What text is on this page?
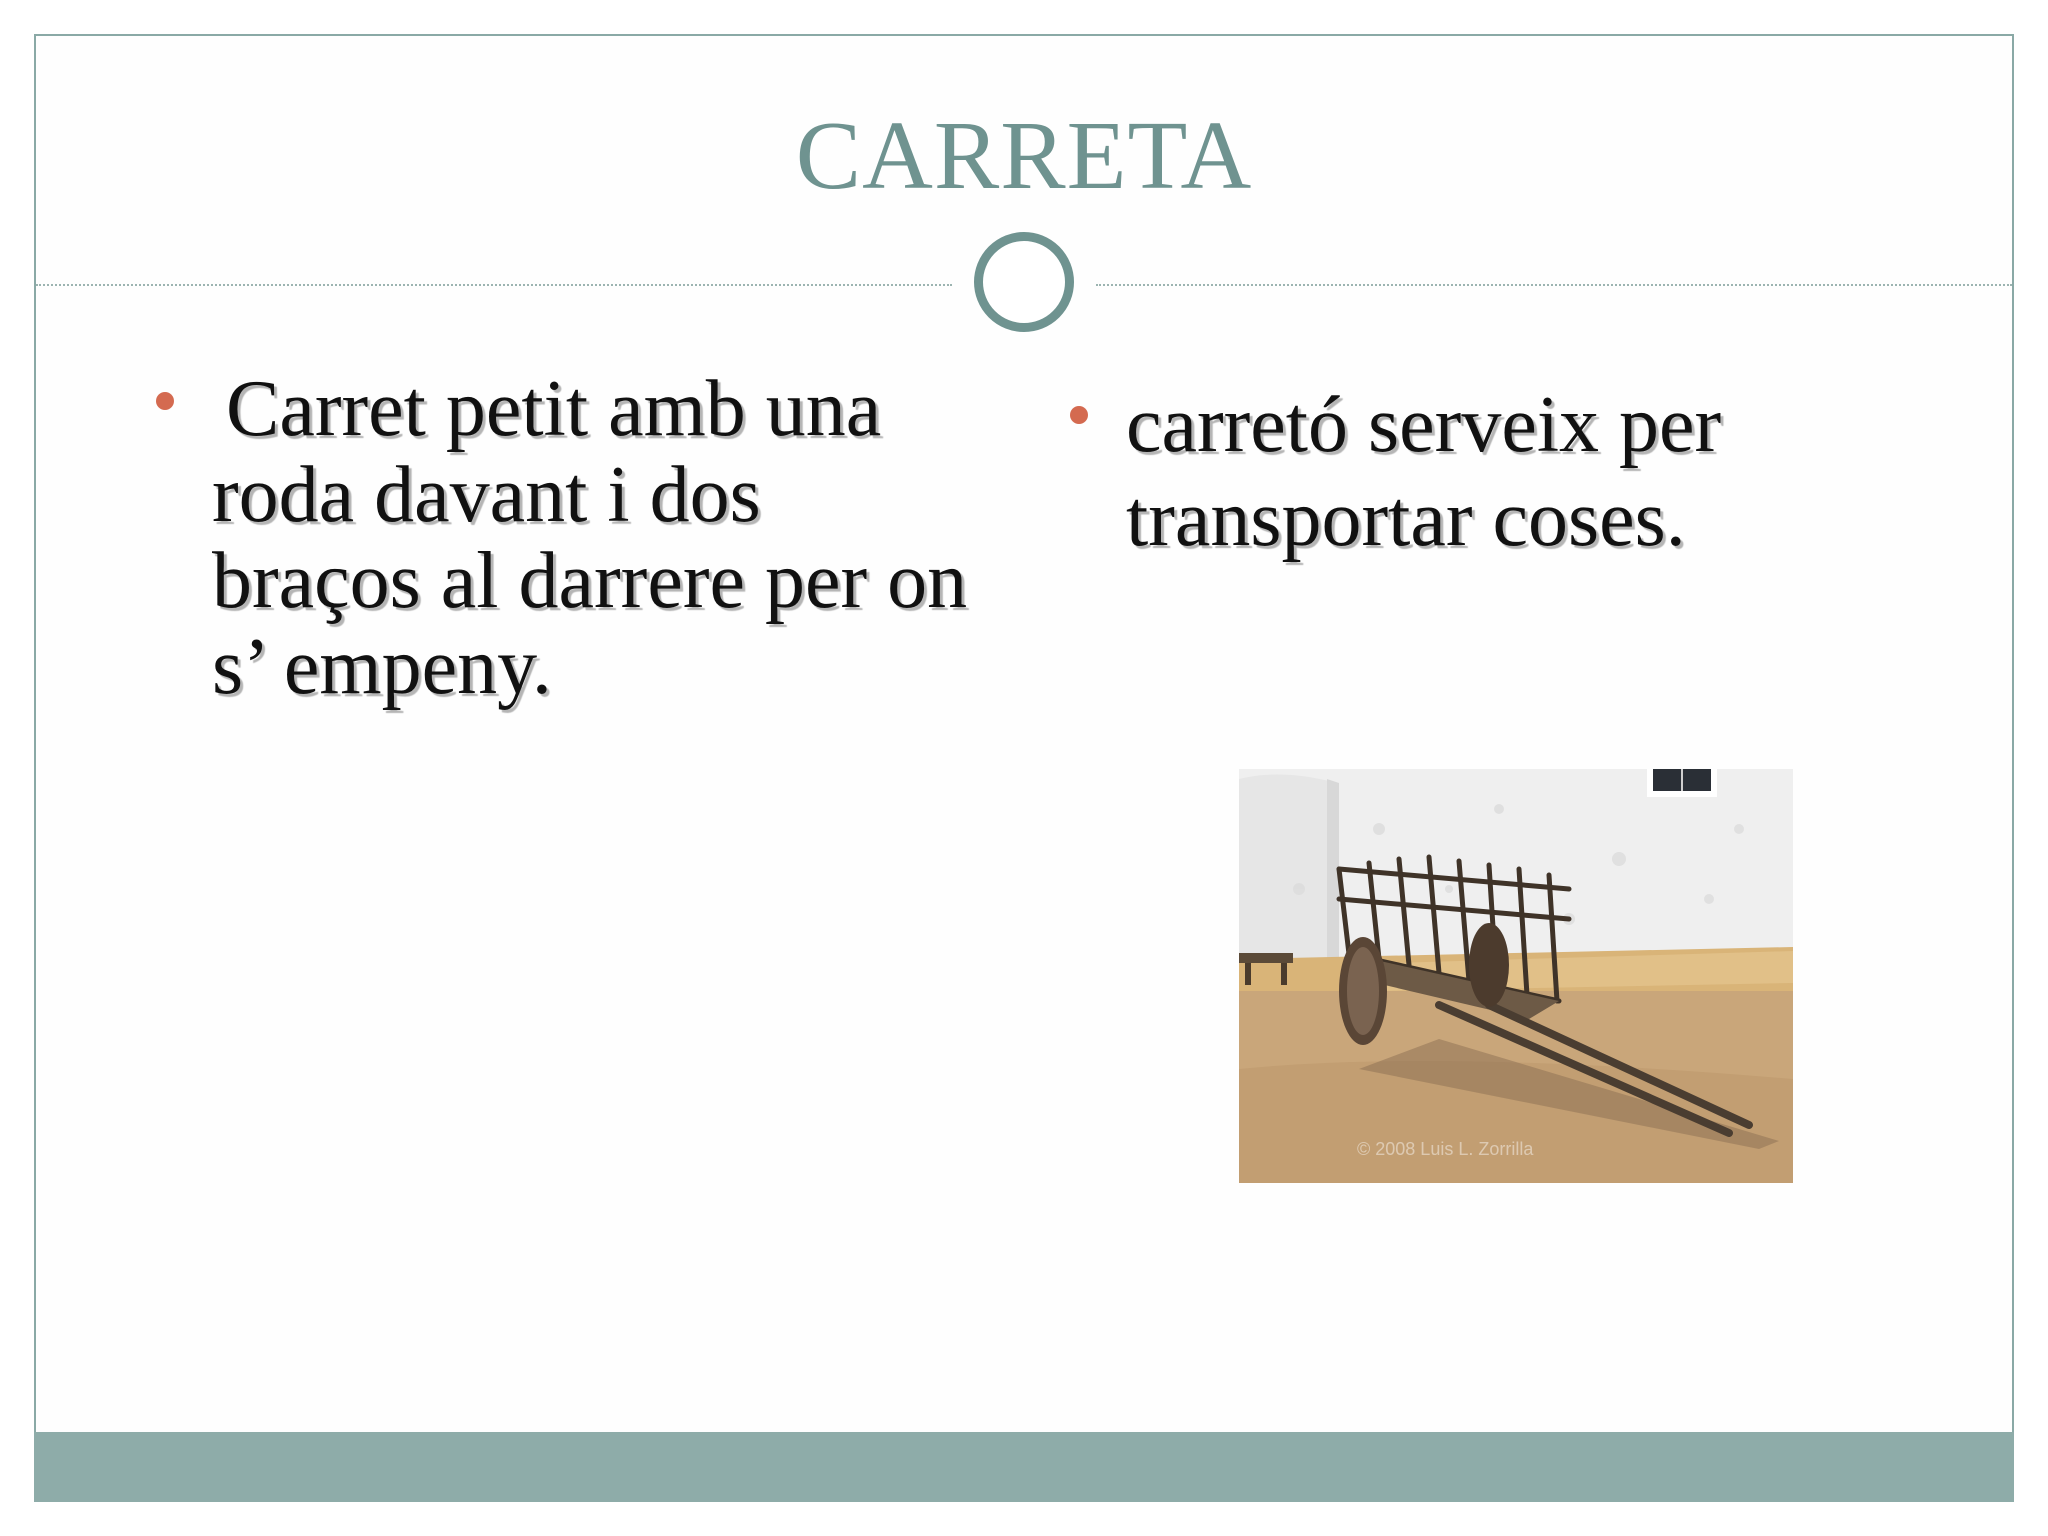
CARRETA
Carret petit amb una roda davant i dos braços al darrere per on s’ empeny.
carretó serveix per transportar coses.
© 2008 Luis L. Zorrilla
